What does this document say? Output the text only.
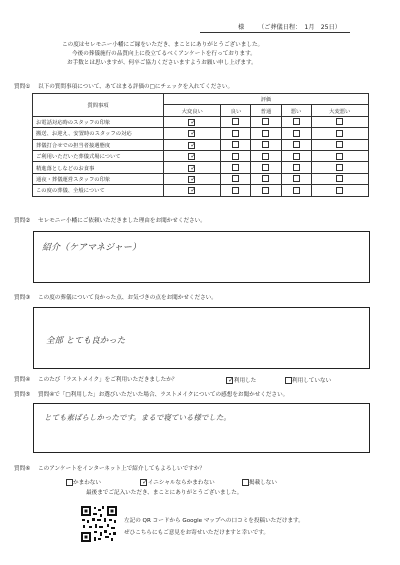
様 （ご葬儀日程：　1月　25日）
この度はセレモニー小幡にご縁をいただき、まことにありがとうございました。
今後の葬儀施行の品質向上に役立てるべくアンケートを行っております。
お手数とは思いますが、何卒ご協力くださいますようお願い申し上げます。
質問① 以下の質問事項について、あてはまる評価の□にチェックを入れてください。
質問事項	評価				
	大変良い	良い	普通	悪い	大変悪い
お電話対応時のスタッフの印象	✓				
搬送、お迎え、安置時のスタッフの対応	✓				
葬儀打合せでの担当者接遇態度	✓				
ご利用いただいた葬儀式場について	✓				
精進落としなどのお食事	✓				
通夜・葬儀運営スタッフの印象	✓				
この度の葬儀、全般について	✓				
質問② セレモニー小幡にご依頼いただきました理由をお聞かせください。
紹介（ケアマネジャー）
質問③ この度の葬儀について良かった点、お気づきの点をお聞かせください。
全部 とても良かった
質問④ このたび「ラストメイク」をご利用いただきましたか？	✓利用した	利用していない
質問⑤ 質問④で「□利用した」お選びいただいた場合、ラストメイクについての感想をお聞かせください。
とても素ばらしかったです。まるで寝ている様でした。
質問⑥ このアンケートをインターネット上で紹介してもよろしいですか？
かまわない	✓イニシャルならかまわない	掲載しない
最後までご記入いただき、まことにありがとうございました。
左記の QR コードから Google マップへの口コミを投稿いただけます。
ぜひこちらにもご意見をお寄せいただけますと幸いです。
